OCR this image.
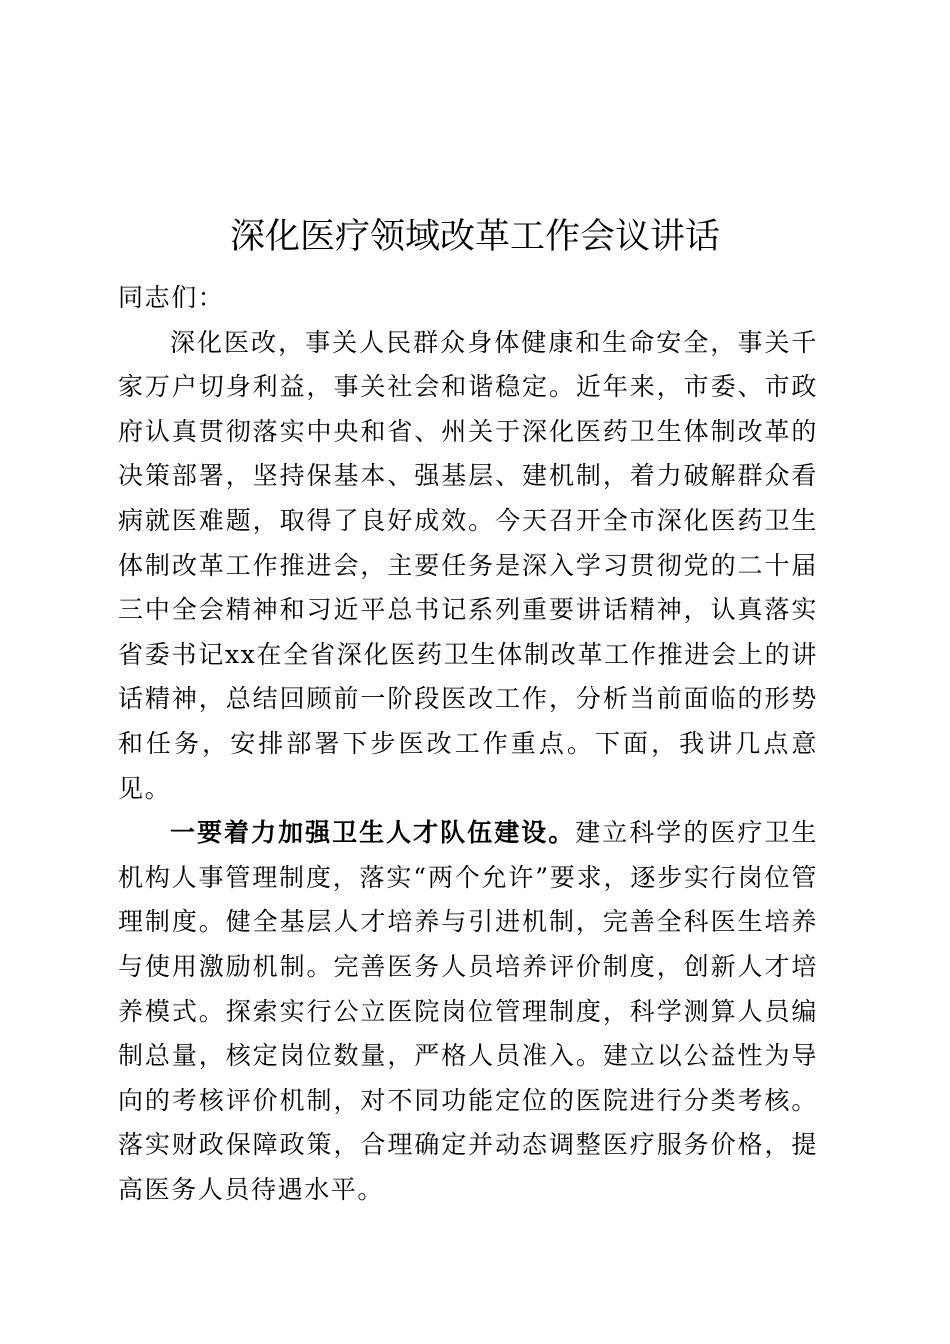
深化医疗领域改革工作会议讲话

同志们：

深化医改，事关人民群众身体健康和生命安全，事关千家万户切身利益，事关社会和谐稳定。近年来，市委、市政府认真贯彻落实中央和省、州关于深化医药卫生体制改革的决策部署，坚持保基本、强基层、建机制，着力破解群众看病就医难题，取得了良好成效。今天召开全市深化医药卫生体制改革工作推进会，主要任务是深入学习贯彻党的二十届三中全会精神和习近平总书记系列重要讲话精神，认真落实省委书记xx在全省深化医药卫生体制改革工作推进会上的讲话精神，总结回顾前一阶段医改工作，分析当前面临的形势和任务，安排部署下步医改工作重点。下面，我讲几点意见。

一要着力加强卫生人才队伍建设。建立科学的医疗卫生机构人事管理制度，落实“两个允许”要求，逐步实行岗位管理制度。健全基层人才培养与引进机制，完善全科医生培养与使用激励机制。完善医务人员培养评价制度，创新人才培养模式。探索实行公立医院岗位管理制度，科学测算人员编制总量，核定岗位数量，严格人员准入。建立以公益性为导向的考核评价机制，对不同功能定位的医院进行分类考核。落实财政保障政策，合理确定并动态调整医疗服务价格，提高医务人员待遇水平。
